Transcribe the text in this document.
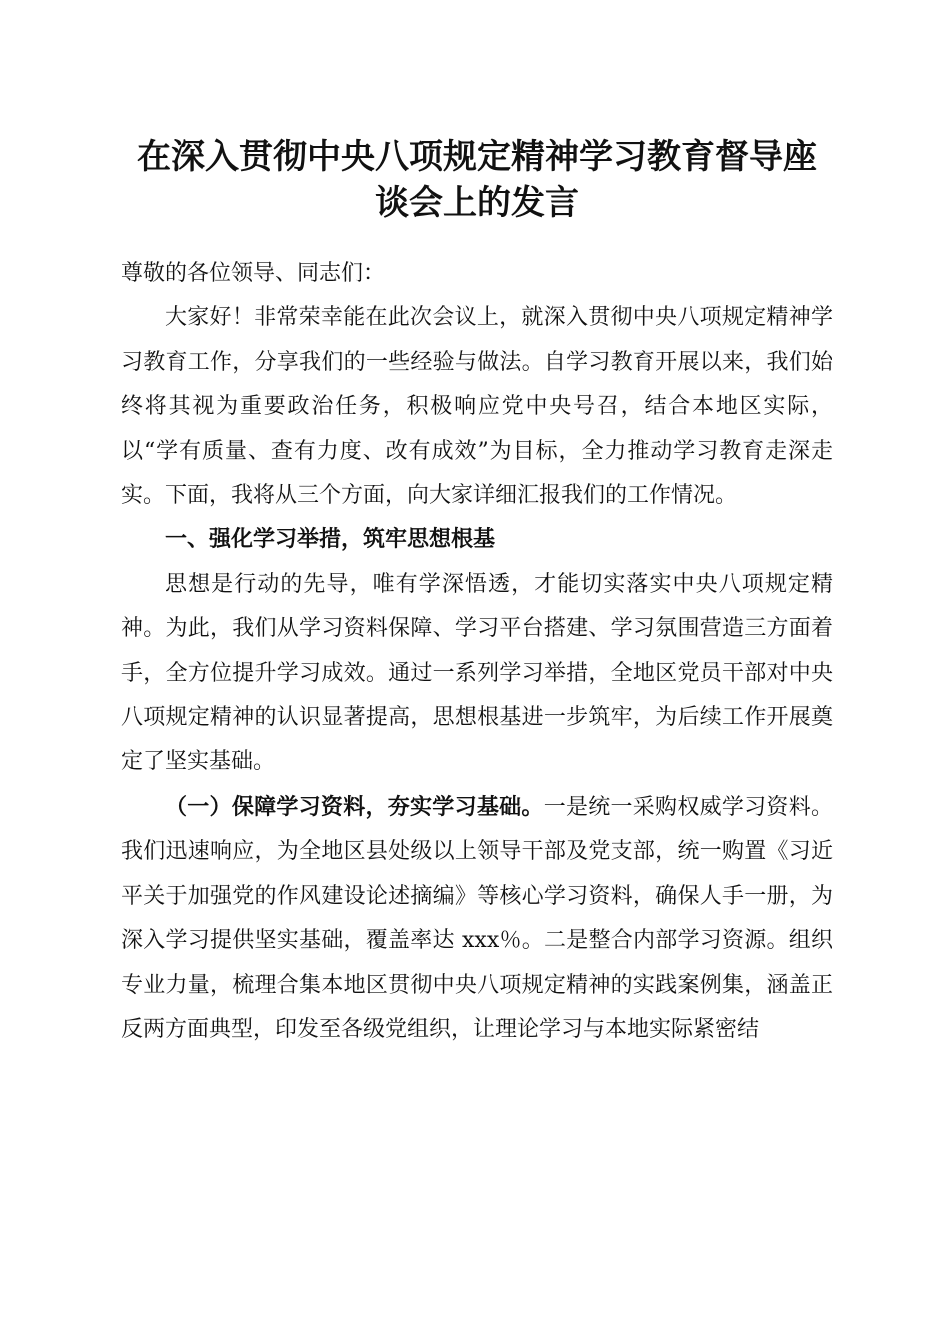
在深入贯彻中央八项规定精神学习教育督导座
谈会上的发言

尊敬的各位领导、同志们：

大家好！非常荣幸能在此次会议上，就深入贯彻中央八项规定精神学习教育工作，分享我们的一些经验与做法。自学习教育开展以来，我们始终将其视为重要政治任务，积极响应党中央号召，结合本地区实际，以“学有质量、查有力度、改有成效”为目标，全力推动学习教育走深走实。下面，我将从三个方面，向大家详细汇报我们的工作情况。

一、强化学习举措，筑牢思想根基

思想是行动的先导，唯有学深悟透，才能切实落实中央八项规定精神。为此，我们从学习资料保障、学习平台搭建、学习氛围营造三方面着手，全方位提升学习成效。通过一系列学习举措，全地区党员干部对中央八项规定精神的认识显著提高，思想根基进一步筑牢，为后续工作开展奠定了坚实基础。

（一）保障学习资料，夯实学习基础。一是统一采购权威学习资料。我们迅速响应，为全地区县处级以上领导干部及党支部，统一购置《习近平关于加强党的作风建设论述摘编》等核心学习资料，确保人手一册，为深入学习提供坚实基础，覆盖率达 xxx％。二是整合内部学习资源。组织专业力量，梳理合集本地区贯彻中央八项规定精神的实践案例集，涵盖正反两方面典型，印发至各级党组织，让理论学习与本地实际紧密结
